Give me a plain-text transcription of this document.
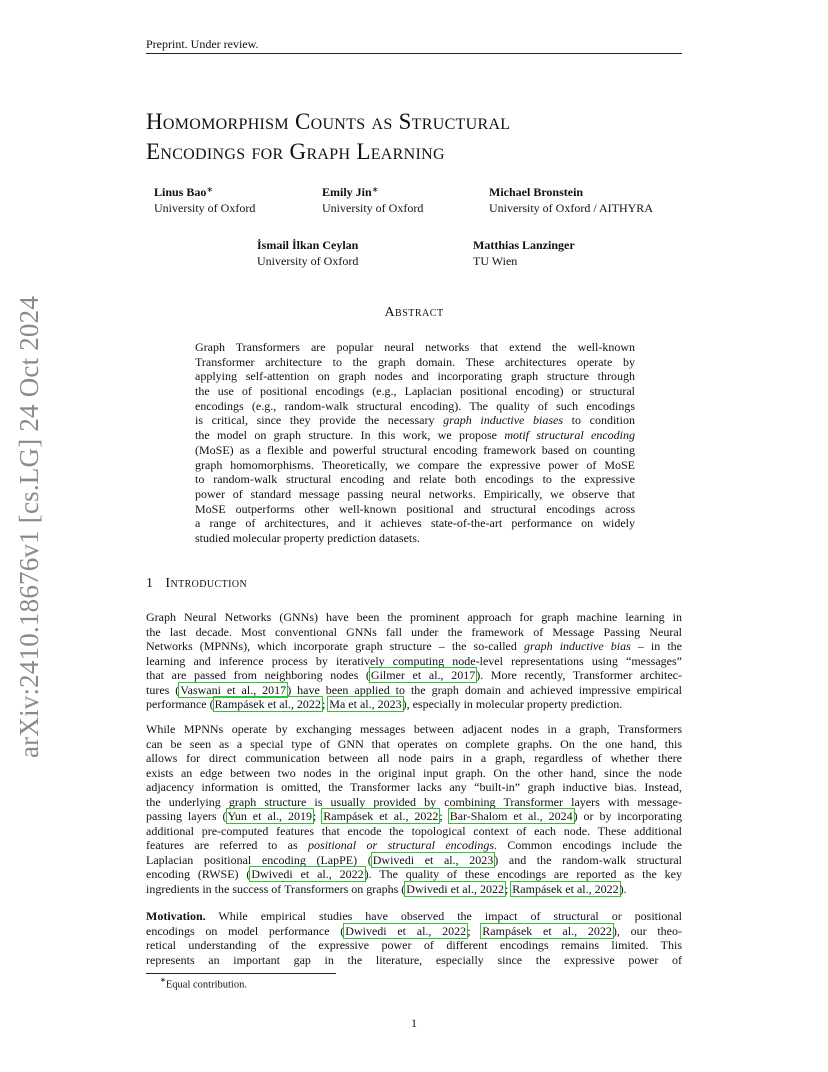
Preprint. Under review.
arXiv:2410.18676v1 [cs.LG] 24 Oct 2024
Homomorphism Counts as Structural
Encodings for Graph Learning
Linus Bao∗
University of Oxford
Emily Jin∗
University of Oxford
Michael Bronstein
University of Oxford / AITHYRA
İsmail İlkan Ceylan
University of Oxford
Matthias Lanzinger
TU Wien
Abstract
Graph Transformers are popular neural networks that extend the well-known
Transformer architecture to the graph domain. These architectures operate by
applying self-attention on graph nodes and incorporating graph structure through
the use of positional encodings (e.g., Laplacian positional encoding) or structural
encodings (e.g., random-walk structural encoding). The quality of such encodings
is critical, since they provide the necessary graph inductive biases to condition
the model on graph structure. In this work, we propose motif structural encoding
(MoSE) as a flexible and powerful structural encoding framework based on counting
graph homomorphisms. Theoretically, we compare the expressive power of MoSE
to random-walk structural encoding and relate both encodings to the expressive
power of standard message passing neural networks. Empirically, we observe that
MoSE outperforms other well-known positional and structural encodings across
a range of architectures, and it achieves state-of-the-art performance on widely
studied molecular property prediction datasets.
1 Introduction
Graph Neural Networks (GNNs) have been the prominent approach for graph machine learning in
the last decade. Most conventional GNNs fall under the framework of Message Passing Neural
Networks (MPNNs), which incorporate graph structure – the so-called graph inductive bias – in the
learning and inference process by iteratively computing node-level representations using “messages”
that are passed from neighboring nodes (Gilmer et al., 2017). More recently, Transformer architec-
tures (Vaswani et al., 2017) have been applied to the graph domain and achieved impressive empirical
performance (Rampásek et al., 2022; Ma et al., 2023), especially in molecular property prediction.
While MPNNs operate by exchanging messages between adjacent nodes in a graph, Transformers
can be seen as a special type of GNN that operates on complete graphs. On the one hand, this
allows for direct communication between all node pairs in a graph, regardless of whether there
exists an edge between two nodes in the original input graph. On the other hand, since the node
adjacency information is omitted, the Transformer lacks any “built-in” graph inductive bias. Instead,
the underlying graph structure is usually provided by combining Transformer layers with message-
passing layers (Yun et al., 2019; Rampásek et al., 2022; Bar-Shalom et al., 2024) or by incorporating
additional pre-computed features that encode the topological context of each node. These additional
features are referred to as positional or structural encodings. Common encodings include the
Laplacian positional encoding (LapPE) (Dwivedi et al., 2023) and the random-walk structural
encoding (RWSE) (Dwivedi et al., 2022). The quality of these encodings are reported as the key
ingredients in the success of Transformers on graphs (Dwivedi et al., 2022; Rampásek et al., 2022).
Motivation. While empirical studies have observed the impact of structural or positional
encodings on model performance (Dwivedi et al., 2022; Rampásek et al., 2022), our theo-
retical understanding of the expressive power of different encodings remains limited. This
represents an important gap in the literature, especially since the expressive power of
∗Equal contribution.
1
